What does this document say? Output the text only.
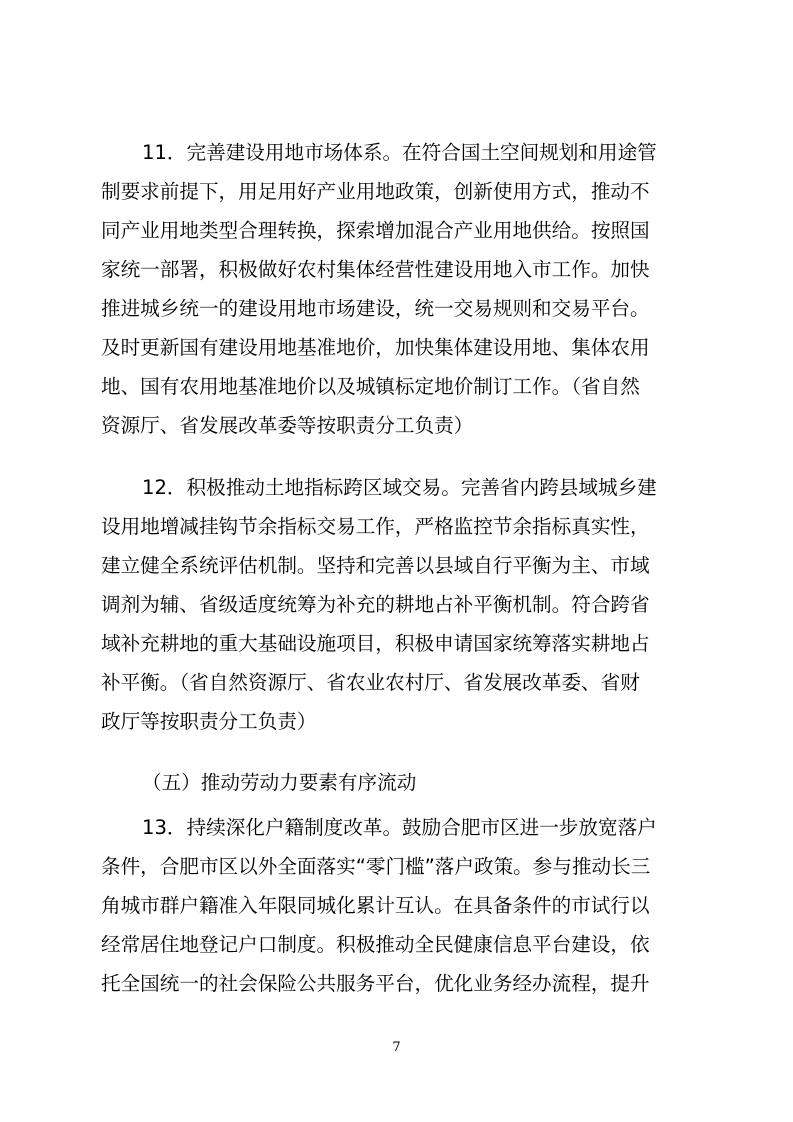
11．完善建设用地市场体系。在符合国土空间规划和用途管
制要求前提下，用足用好产业用地政策，创新使用方式，推动不
同产业用地类型合理转换，探索增加混合产业用地供给。按照国
家统一部署，积极做好农村集体经营性建设用地入市工作。加快
推进城乡统一的建设用地市场建设，统一交易规则和交易平台。
及时更新国有建设用地基准地价，加快集体建设用地、集体农用
地、国有农用地基准地价以及城镇标定地价制订工作。（省自然
资源厅、省发展改革委等按职责分工负责）
12．积极推动土地指标跨区域交易。完善省内跨县域城乡建
设用地增减挂钩节余指标交易工作，严格监控节余指标真实性，
建立健全系统评估机制。坚持和完善以县域自行平衡为主、市域
调剂为辅、省级适度统筹为补充的耕地占补平衡机制。符合跨省
域补充耕地的重大基础设施项目，积极申请国家统筹落实耕地占
补平衡。（省自然资源厅、省农业农村厅、省发展改革委、省财
政厅等按职责分工负责）
（五）推动劳动力要素有序流动
13．持续深化户籍制度改革。鼓励合肥市区进一步放宽落户
条件，合肥市区以外全面落实“零门槛”落户政策。参与推动长三
角城市群户籍准入年限同城化累计互认。在具备条件的市试行以
经常居住地登记户口制度。积极推动全民健康信息平台建设，依
托全国统一的社会保险公共服务平台，优化业务经办流程，提升
7
